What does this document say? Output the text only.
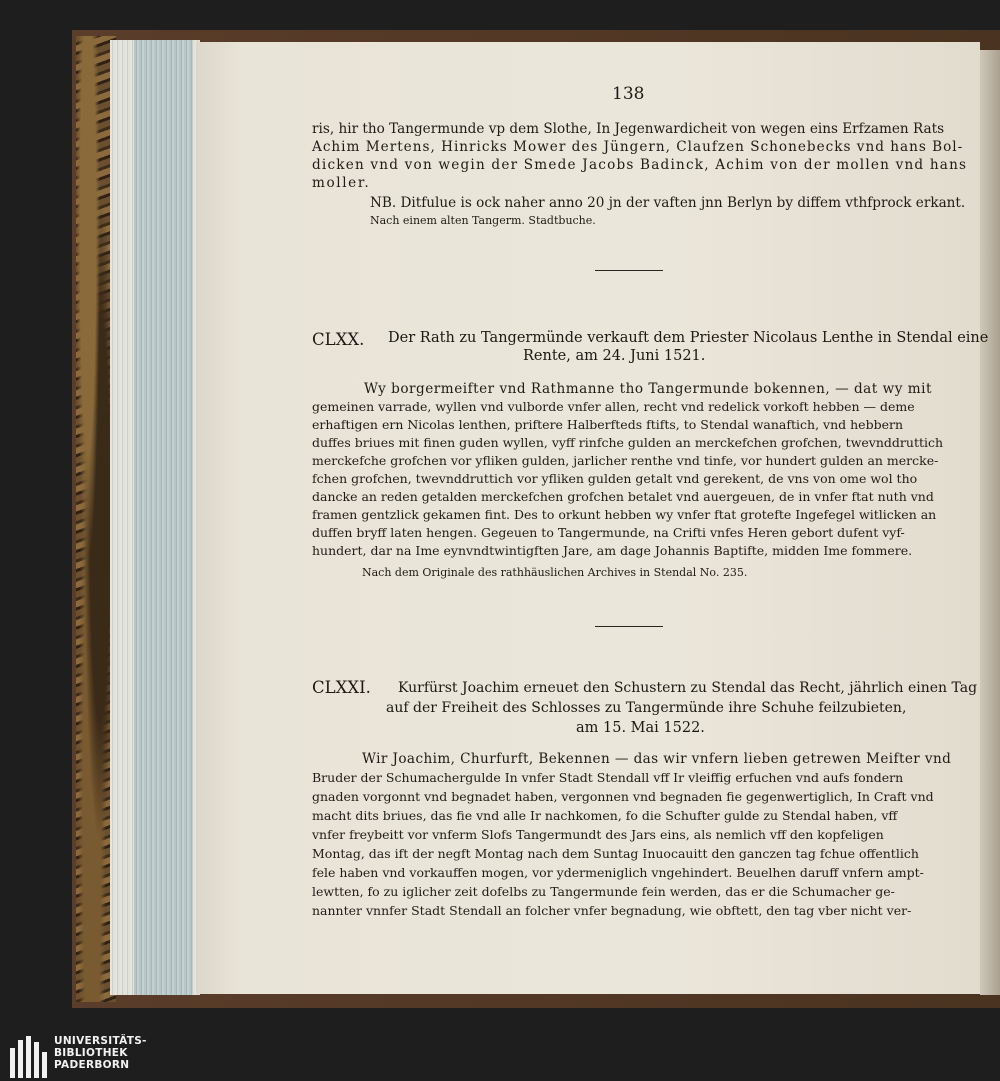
138
ris, hir tho Tangermunde vp dem Slothe, In Jegenwardicheit von wegen eins Erfzamen Rats
Achim Mertens, Hinricks Mower des Jüngern, Claufzen Schonebecks vnd hans Bol-
dicken vnd von wegin der Smede Jacobs Badinck, Achim von der mollen vnd hans
moller.
NB. Ditfulue is ock naher anno 20 jn der vaften jnn Berlyn by diffem vthfprock erkant.
Nach einem alten Tangerm. Stadtbuche.
CLXX. Der Rath zu Tangermünde verkauft dem Priester Nicolaus Lenthe in Stendal eine
Rente, am 24. Juni 1521.
Wy borgermeifter vnd Rathmanne tho Tangermunde bokennen, — dat wy mit
gemeinen varrade, wyllen vnd vulborde vnfer allen, recht vnd redelick vorkoft hebben — deme
erhaftigen ern Nicolas lenthen, priftere Halberfteds ftifts, to Stendal wanaftich, vnd hebbern
duffes briues mit finen guden wyllen, vyff rinfche gulden an merckefchen grofchen, twevnddruttich
merckefche grofchen vor yfliken gulden, jarlicher renthe vnd tinfe, vor hundert gulden an mercke-
fchen grofchen, twevnddruttich vor yfliken gulden getalt vnd gerekent, de vns von ome wol tho
dancke an reden getalden merckefchen grofchen betalet vnd auergeuen, de in vnfer ftat nuth vnd
framen gentzlick gekamen fint. Des to orkunt hebben wy vnfer ftat grotefte Ingefegel witlicken an
duffen bryff laten hengen. Gegeuen to Tangermunde, na Crifti vnfes Heren gebort dufent vyf-
hundert, dar na Ime eynvndtwintigften Jare, am dage Johannis Baptifte, midden Ime fommere.
Nach dem Originale des rathhäuslichen Archives in Stendal No. 235.
CLXXI. Kurfürst Joachim erneuet den Schustern zu Stendal das Recht, jährlich einen Tag
auf der Freiheit des Schlosses zu Tangermünde ihre Schuhe feilzubieten,
am 15. Mai 1522.
Wir Joachim, Churfurft, Bekennen — das wir vnfern lieben getrewen Meifter vnd
Bruder der Schumachergulde In vnfer Stadt Stendall vff Ir vleiffig erfuchen vnd aufs fondern
gnaden vorgonnt vnd begnadet haben, vergonnen vnd begnaden fie gegenwertiglich, In Craft vnd
macht dits briues, das fie vnd alle Ir nachkomen, fo die Schufter gulde zu Stendal haben, vff
vnfer freybeitt vor vnferm Slofs Tangermundt des Jars eins, als nemlich vff den kopfeligen
Montag, das ift der negft Montag nach dem Suntag Inuocauitt den ganczen tag fchue offentlich
fele haben vnd vorkauffen mogen, vor ydermeniglich vngehindert. Beuelhen daruff vnfern ampt-
lewtten, fo zu iglicher zeit dofelbs zu Tangermunde fein werden, das er die Schumacher ge-
nannter vnnfer Stadt Stendall an folcher vnfer begnadung, wie obftett, den tag vber nicht ver-
UNIVERSITÄTS-
BIBLIOTHEK
PADERBORN
